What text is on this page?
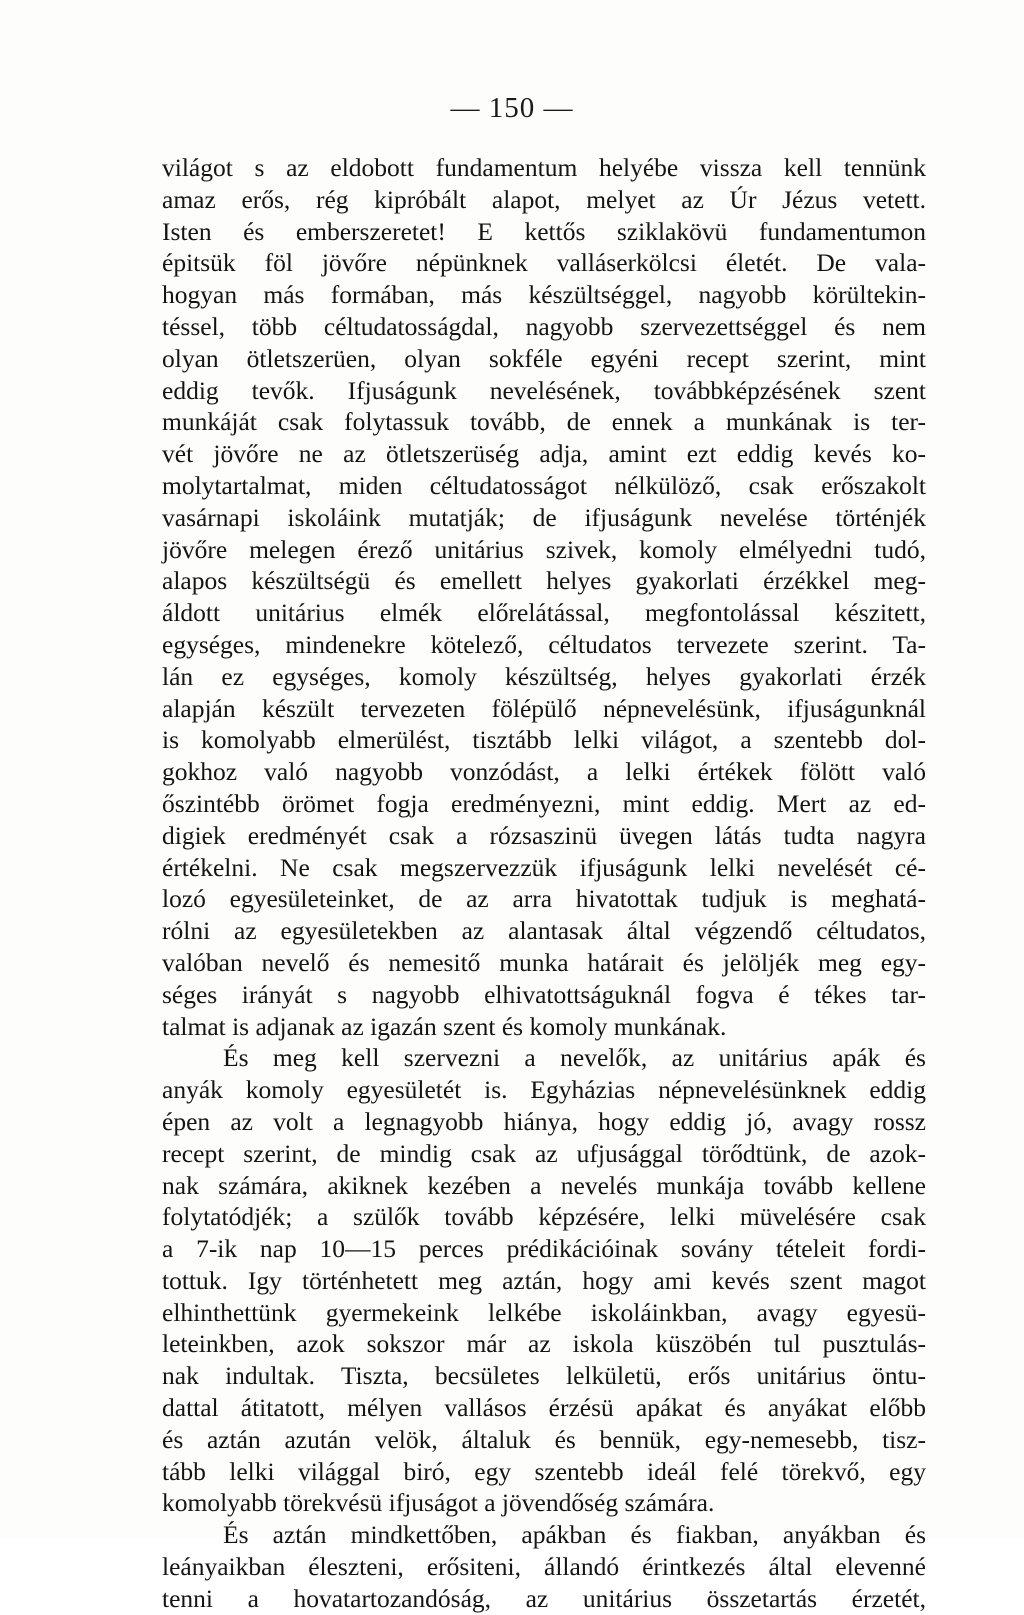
— 150 —
világot s az eldobott fundamentum helyébe vissza kell tennünk
amaz erős, rég kipróbált alapot, melyet az Úr Jézus vetett.
Isten és emberszeretet! E kettős sziklakövü fundamentumon
épitsük föl jövőre népünknek valláserkölcsi életét. De vala-
hogyan más formában, más készültséggel, nagyobb körültekin-
téssel, több céltudatosságdal, nagyobb szervezettséggel és nem
olyan ötletszerüen, olyan sokféle egyéni recept szerint, mint
eddig tevők. Ifjuságunk nevelésének, továbbképzésének szent
munkáját csak folytassuk tovább, de ennek a munkának is ter-
vét jövőre ne az ötletszerüség adja, amint ezt eddig kevés ko-
molytartalmat, miden céltudatosságot nélkülöző, csak erőszakolt
vasárnapi iskoláink mutatják; de ifjuságunk nevelése történjék
jövőre melegen érező unitárius szivek, komoly elmélyedni tudó,
alapos készültségü és emellett helyes gyakorlati érzékkel meg-
áldott unitárius elmék előrelátással, megfontolással készitett,
egységes, mindenekre kötelező, céltudatos tervezete szerint. Ta-
lán ez egységes, komoly készültség, helyes gyakorlati érzék
alapján készült tervezeten fölépülő népnevelésünk, ifjuságunknál
is komolyabb elmerülést, tisztább lelki világot, a szentebb dol-
gokhoz való nagyobb vonzódást, a lelki értékek fölött való
őszintébb örömet fogja eredményezni, mint eddig. Mert az ed-
digiek eredményét csak a rózsaszinü üvegen látás tudta nagyra
értékelni. Ne csak megszervezzük ifjuságunk lelki nevelését cé-
lozó egyesületeinket, de az arra hivatottak tudjuk is meghatá-
rólni az egyesületekben az alantasak által végzendő céltudatos,
valóban nevelő és nemesitő munka határait és jelöljék meg egy-
séges irányát s nagyobb elhivatottságuknál fogva é tékes tar-
talmat is adjanak az igazán szent és komoly munkának.
És meg kell szervezni a nevelők, az unitárius apák és
anyák komoly egyesületét is. Egyházias népnevelésünknek eddig
épen az volt a legnagyobb hiánya, hogy eddig jó, avagy rossz
recept szerint, de mindig csak az ufjusággal törődtünk, de azok-
nak számára, akiknek kezében a nevelés munkája tovább kellene
folytatódjék; a szülők tovább képzésére, lelki müvelésére csak
a 7-ik nap 10—15 perces prédikációinak sovány tételeit fordi-
tottuk. Igy történhetett meg aztán, hogy ami kevés szent magot
elhinthettünk gyermekeink lelkébe iskoláinkban, avagy egyesü-
leteinkben, azok sokszor már az iskola küszöbén tul pusztulás-
nak indultak. Tiszta, becsületes lelkületü, erős unitárius öntu-
dattal átitatott, mélyen vallásos érzésü apákat és anyákat előbb
és aztán azután velök, általuk és bennük, egy-nemesebb, tisz-
tább lelki világgal biró, egy szentebb ideál felé törekvő, egy
komolyabb törekvésü ifjuságot a jövendőség számára.
És aztán mindkettőben, apákban és fiakban, anyákban és
leányaikban éleszteni, erősiteni, állandó érintkezés által elevenné
tenni a hovatartozandóság, az unitárius összetartás érzetét,
